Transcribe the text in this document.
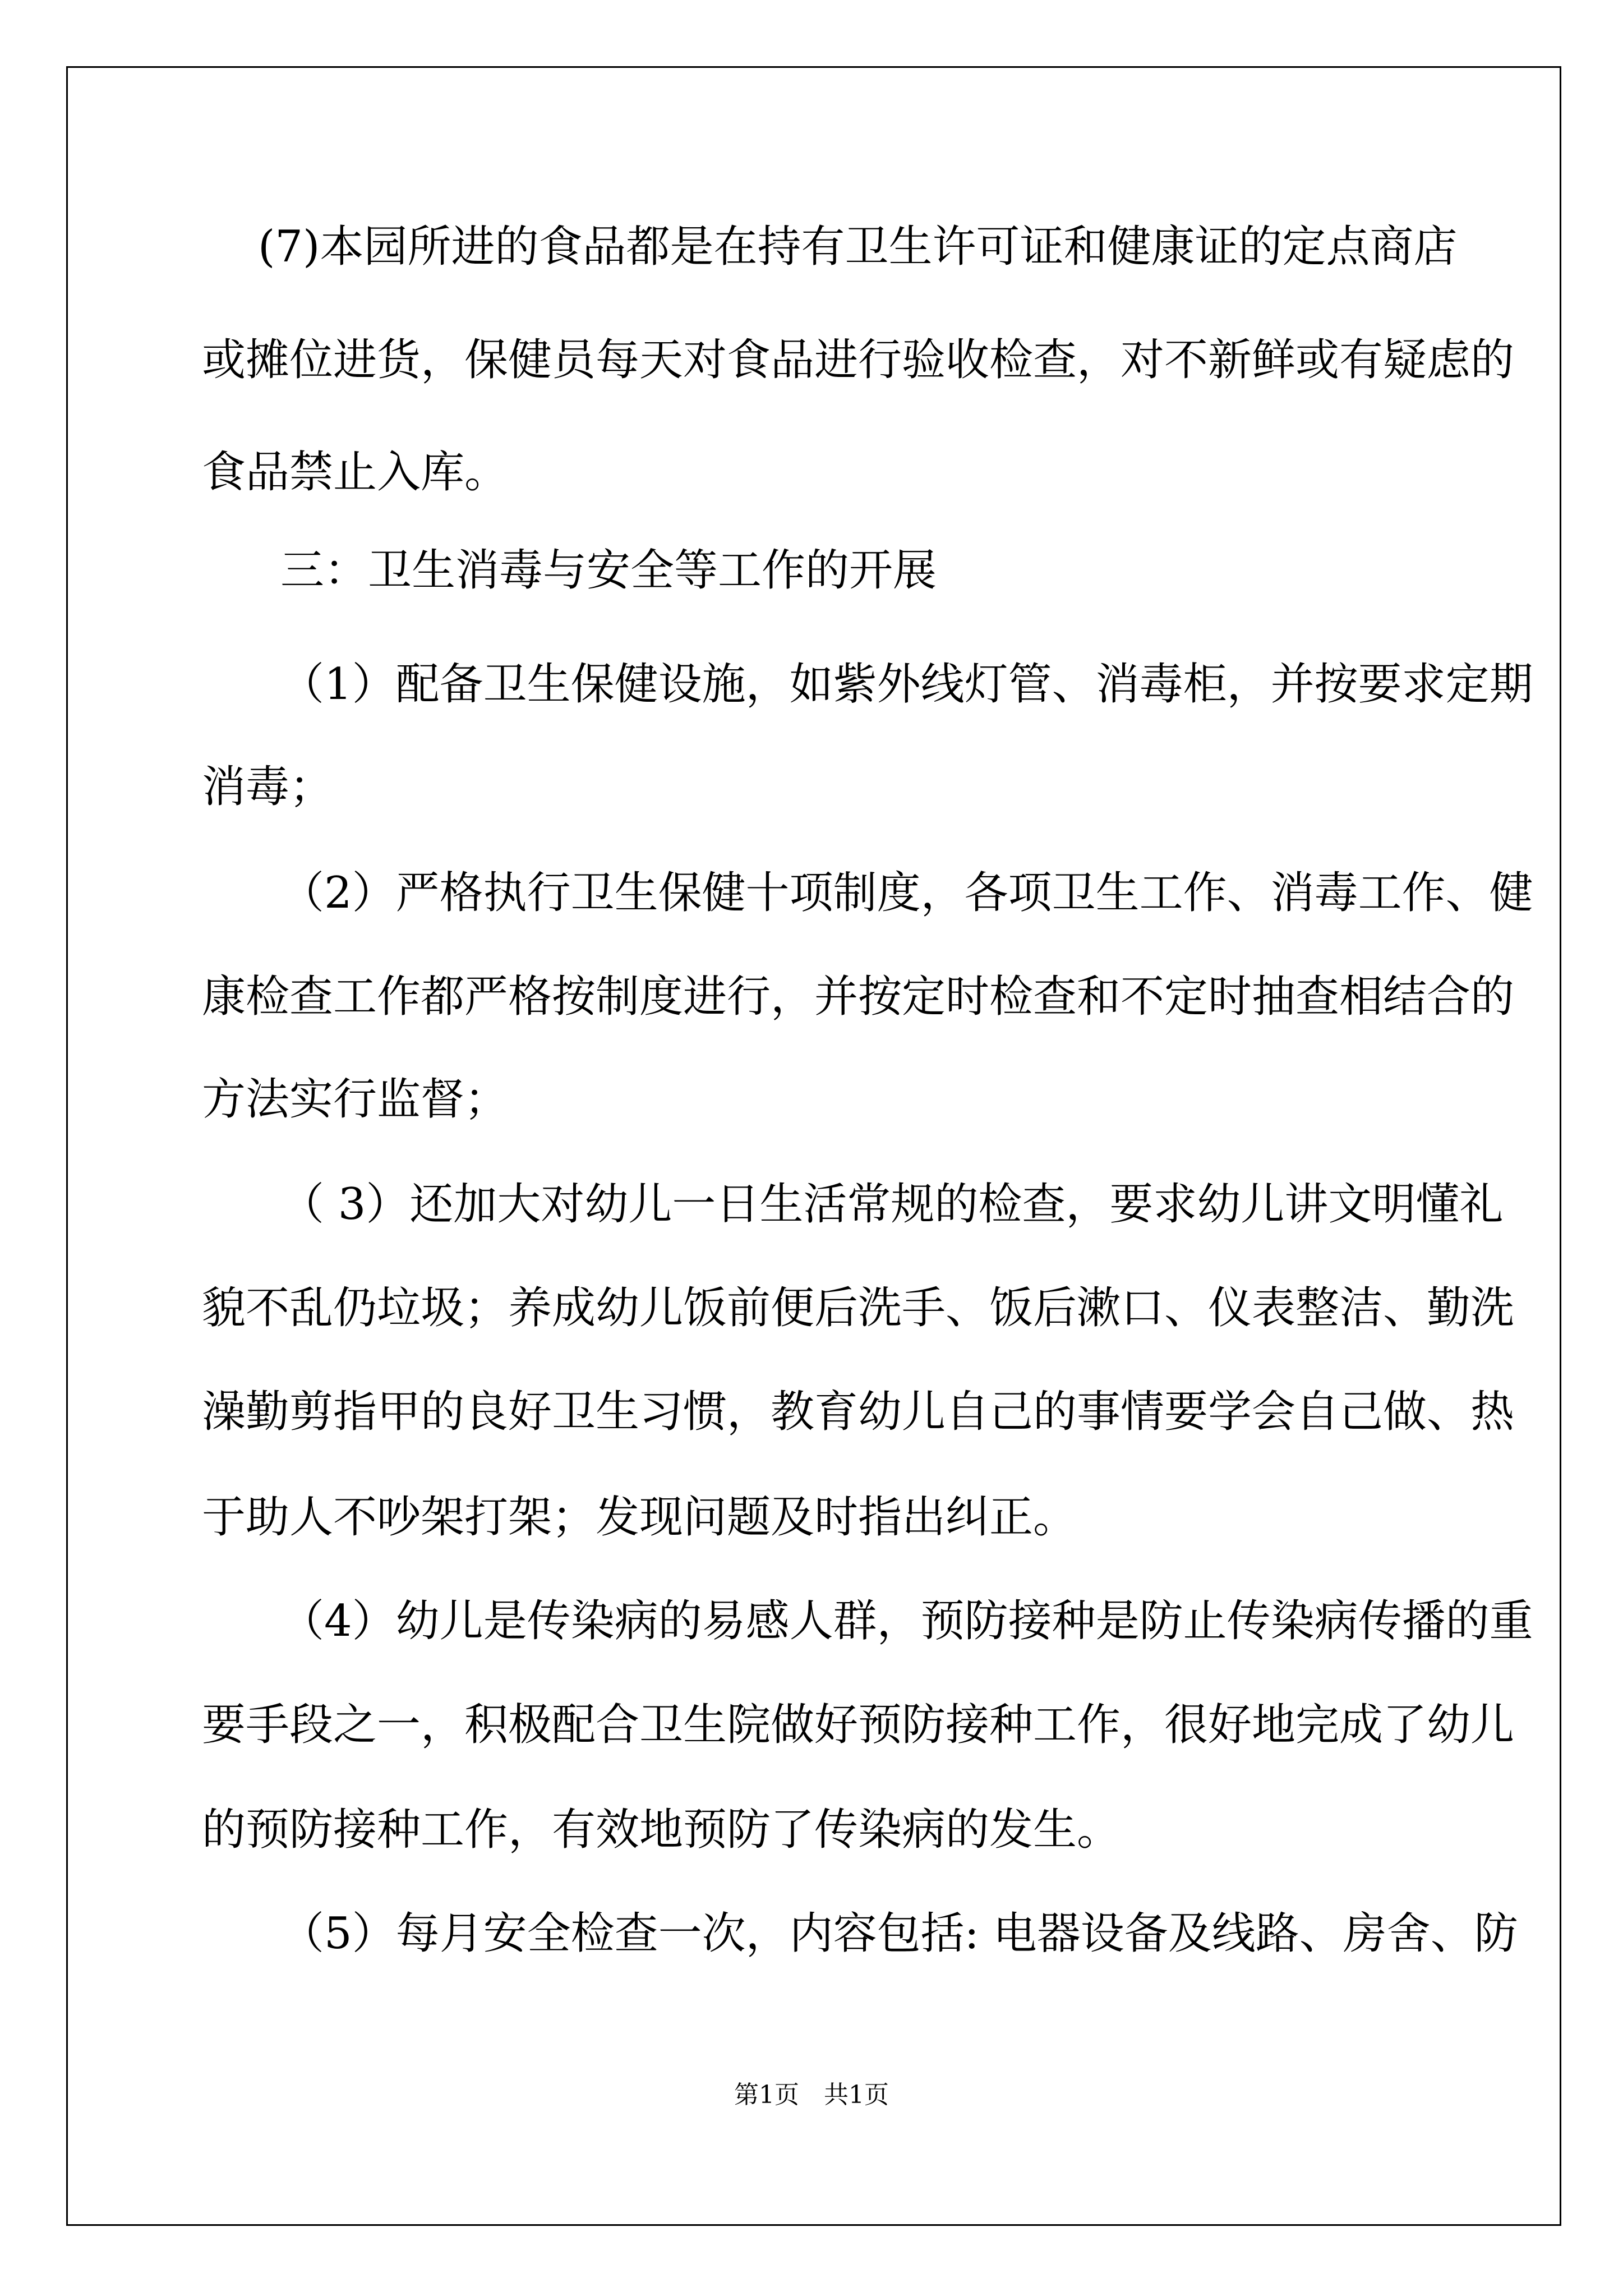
(7)本园所进的食品都是在持有卫生许可证和健康证的定点商店
或摊位进货，保健员每天对食品进行验收检查，对不新鲜或有疑虑的
食品禁止入库。
三：卫生消毒与安全等工作的开展
（1）配备卫生保健设施，如紫外线灯管、消毒柜，并按要求定期
消毒；
（2）严格执行卫生保健十项制度，各项卫生工作、消毒工作、健
康检查工作都严格按制度进行，并按定时检查和不定时抽查相结合的
方法实行监督；
（ 3）还加大对幼儿一日生活常规的检查，要求幼儿讲文明懂礼
貌不乱仍垃圾；养成幼儿饭前便后洗手、饭后漱口、仪表整洁、勤洗
澡勤剪指甲的良好卫生习惯，教育幼儿自己的事情要学会自己做、热
于助人不吵架打架；发现问题及时指出纠正。
（4）幼儿是传染病的易感人群，预防接种是防止传染病传播的重
要手段之一，积极配合卫生院做好预防接种工作，很好地完成了幼儿
的预防接种工作，有效地预防了传染病的发生。
（5）每月安全检查一次，内容包括: 电器设备及线路、房舍、防
第1页　共1页
